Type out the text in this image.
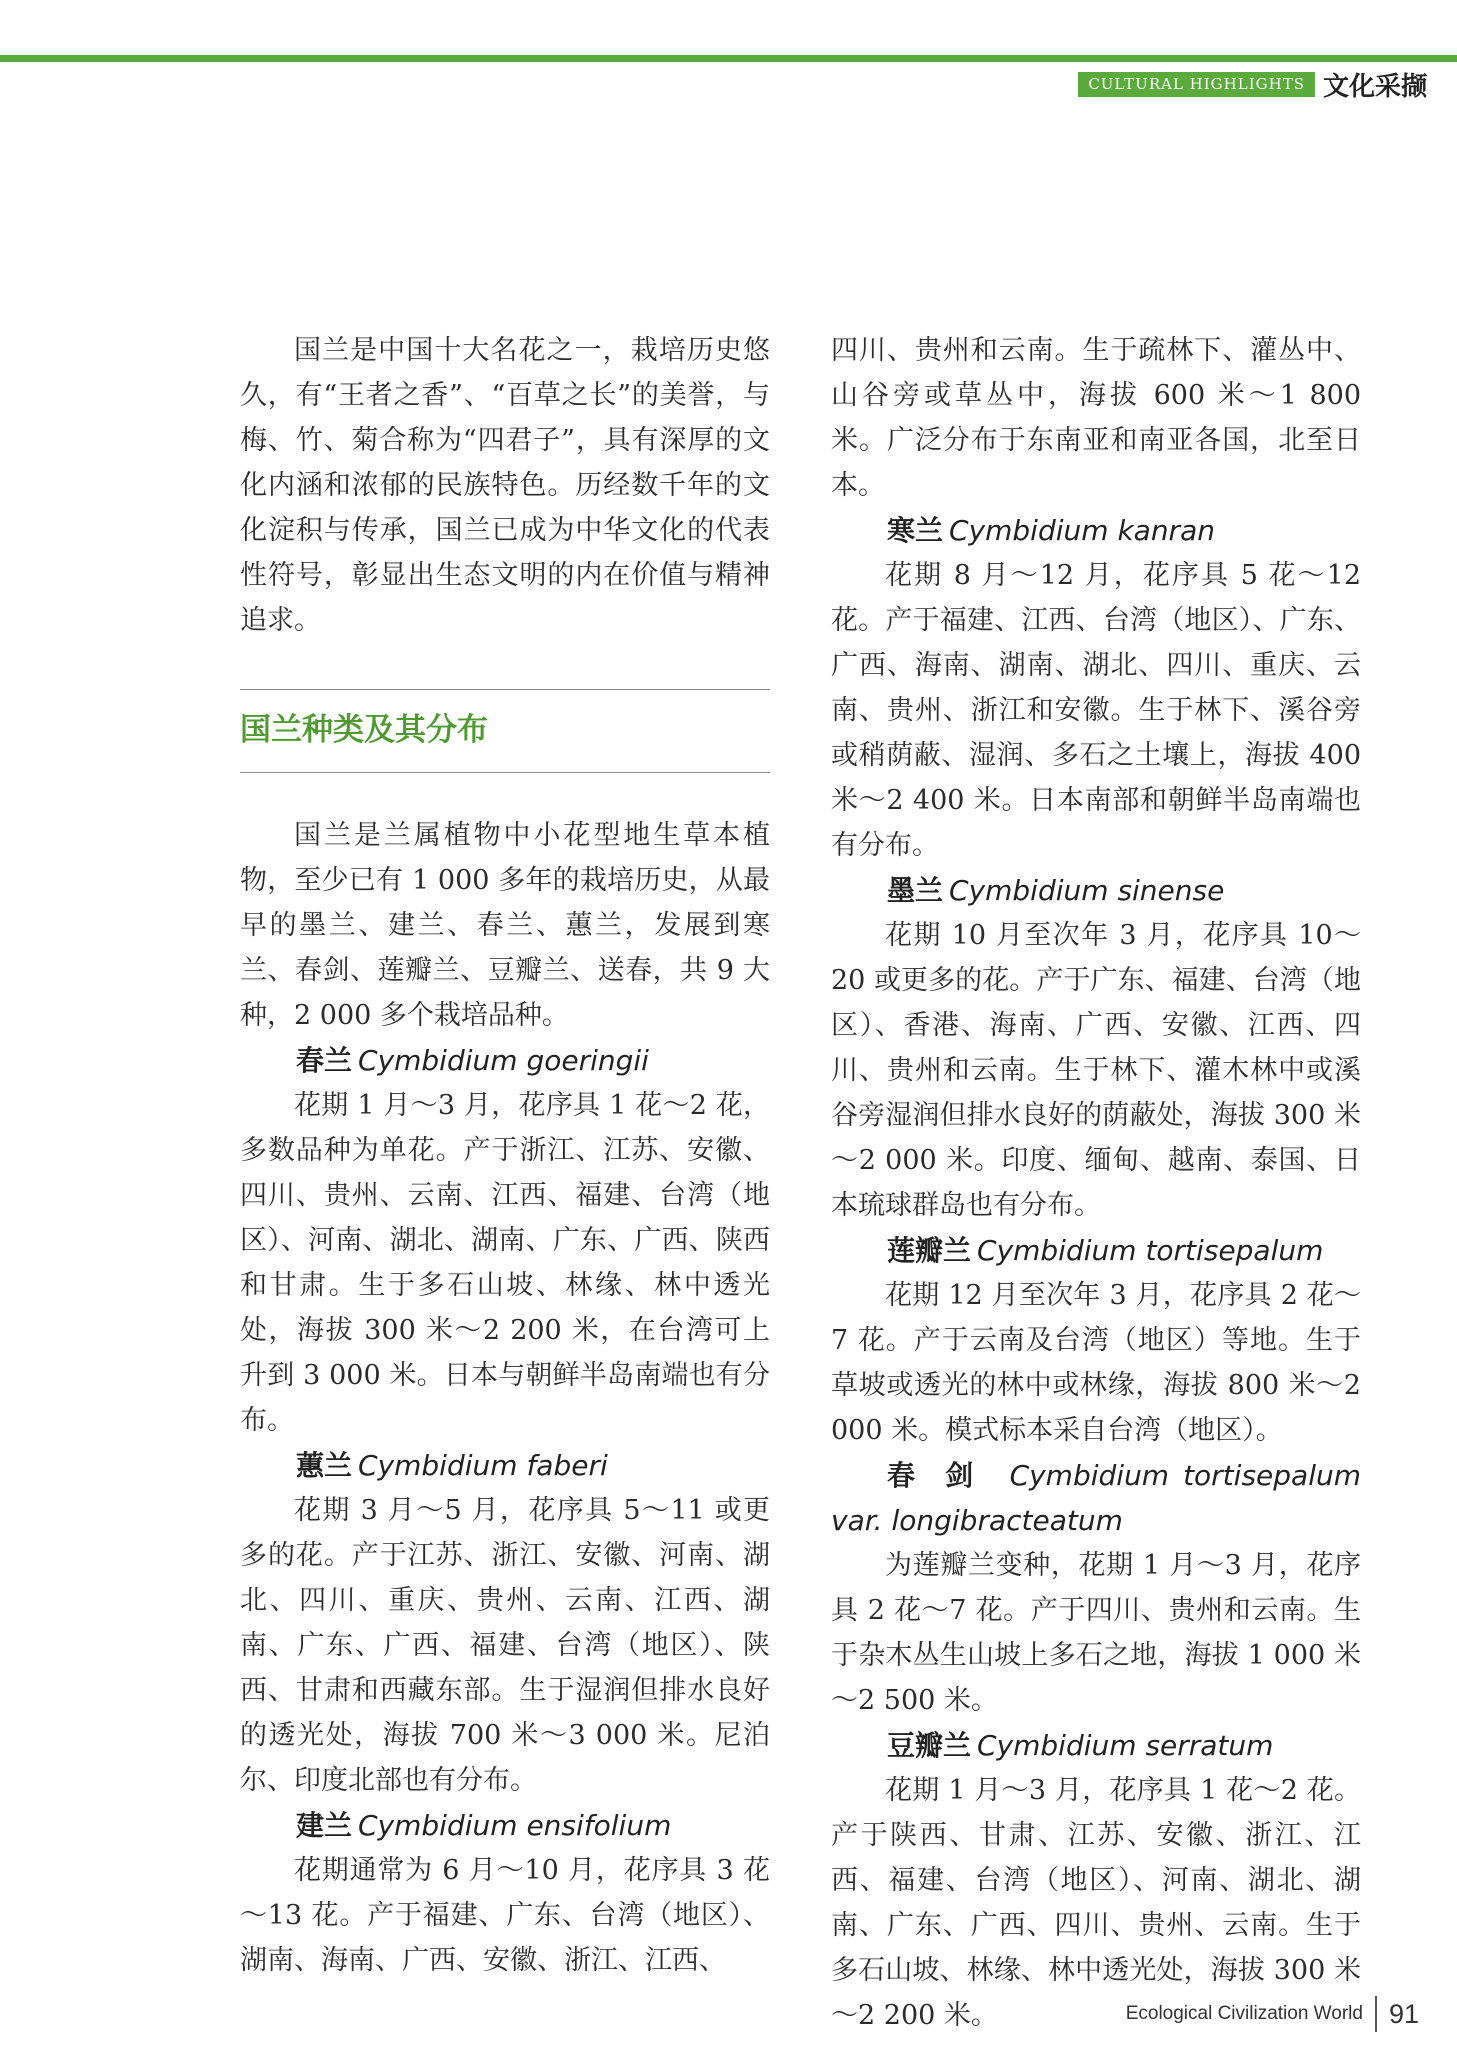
CULTURAL HIGHLIGHTS 文化采撷

国兰是中国十大名花之一，栽培历史悠久，有“王者之香”、“百草之长”的美誉，与梅、竹、菊合称为“四君子”，具有深厚的文化内涵和浓郁的民族特色。历经数千年的文化淀积与传承，国兰已成为中华文化的代表性符号，彰显出生态文明的内在价值与精神追求。

国兰种类及其分布

国兰是兰属植物中小花型地生草本植物，至少已有 1 000 多年的栽培历史，从最早的墨兰、建兰、春兰、蕙兰，发展到寒兰、春剑、莲瓣兰、豆瓣兰、送春，共 9 大种，2 000 多个栽培品种。

春兰 Cymbidium goeringii

花期 1 月～3 月，花序具 1 花～2 花，多数品种为单花。产于浙江、江苏、安徽、四川、贵州、云南、江西、福建、台湾（地区）、河南、湖北、湖南、广东、广西、陕西和甘肃。生于多石山坡、林缘、林中透光处，海拔 300 米～2 200 米，在台湾可上升到 3 000 米。日本与朝鲜半岛南端也有分布。

蕙兰 Cymbidium faberi

花期 3 月～5 月，花序具 5～11 或更多的花。产于江苏、浙江、安徽、河南、湖北、四川、重庆、贵州、云南、江西、湖南、广东、广西、福建、台湾（地区）、陕西、甘肃和西藏东部。生于湿润但排水良好的透光处，海拔 700 米～3 000 米。尼泊尔、印度北部也有分布。

建兰 Cymbidium ensifolium

花期通常为 6 月～10 月，花序具 3 花～13 花。产于福建、广东、台湾（地区）、湖南、海南、广西、安徽、浙江、江西、

四川、贵州和云南。生于疏林下、灌丛中、山谷旁或草丛中，海拔 600 米～1 800 米。广泛分布于东南亚和南亚各国，北至日本。

寒兰 Cymbidium kanran

花期 8 月～12 月，花序具 5 花～12 花。产于福建、江西、台湾（地区）、广东、广西、海南、湖南、湖北、四川、重庆、云南、贵州、浙江和安徽。生于林下、溪谷旁或稍荫蔽、湿润、多石之土壤上，海拔 400 米～2 400 米。日本南部和朝鲜半岛南端也有分布。

墨兰 Cymbidium sinense

花期 10 月至次年 3 月，花序具 10～20 或更多的花。产于广东、福建、台湾（地区）、香港、海南、广西、安徽、江西、四川、贵州和云南。生于林下、灌木林中或溪谷旁湿润但排水良好的荫蔽处，海拔 300 米～2 000 米。印度、缅甸、越南、泰国、日本琉球群岛也有分布。

莲瓣兰 Cymbidium tortisepalum

花期 12 月至次年 3 月，花序具 2 花～7 花。产于云南及台湾（地区）等地。生于草坡或透光的林中或林缘，海拔 800 米～2 000 米。模式标本采自台湾（地区）。

春剑 Cymbidium tortisepalum var. longibracteatum

为莲瓣兰变种，花期 1 月～3 月，花序具 2 花～7 花。产于四川、贵州和云南。生于杂木丛生山坡上多石之地，海拔 1 000 米～2 500 米。

豆瓣兰 Cymbidium serratum

花期 1 月～3 月，花序具 1 花～2 花。产于陕西、甘肃、江苏、安徽、浙江、江西、福建、台湾（地区）、河南、湖北、湖南、广东、广西、四川、贵州、云南。生于多石山坡、林缘、林中透光处，海拔 300 米～2 200 米。	Ecological Civilization World 91
